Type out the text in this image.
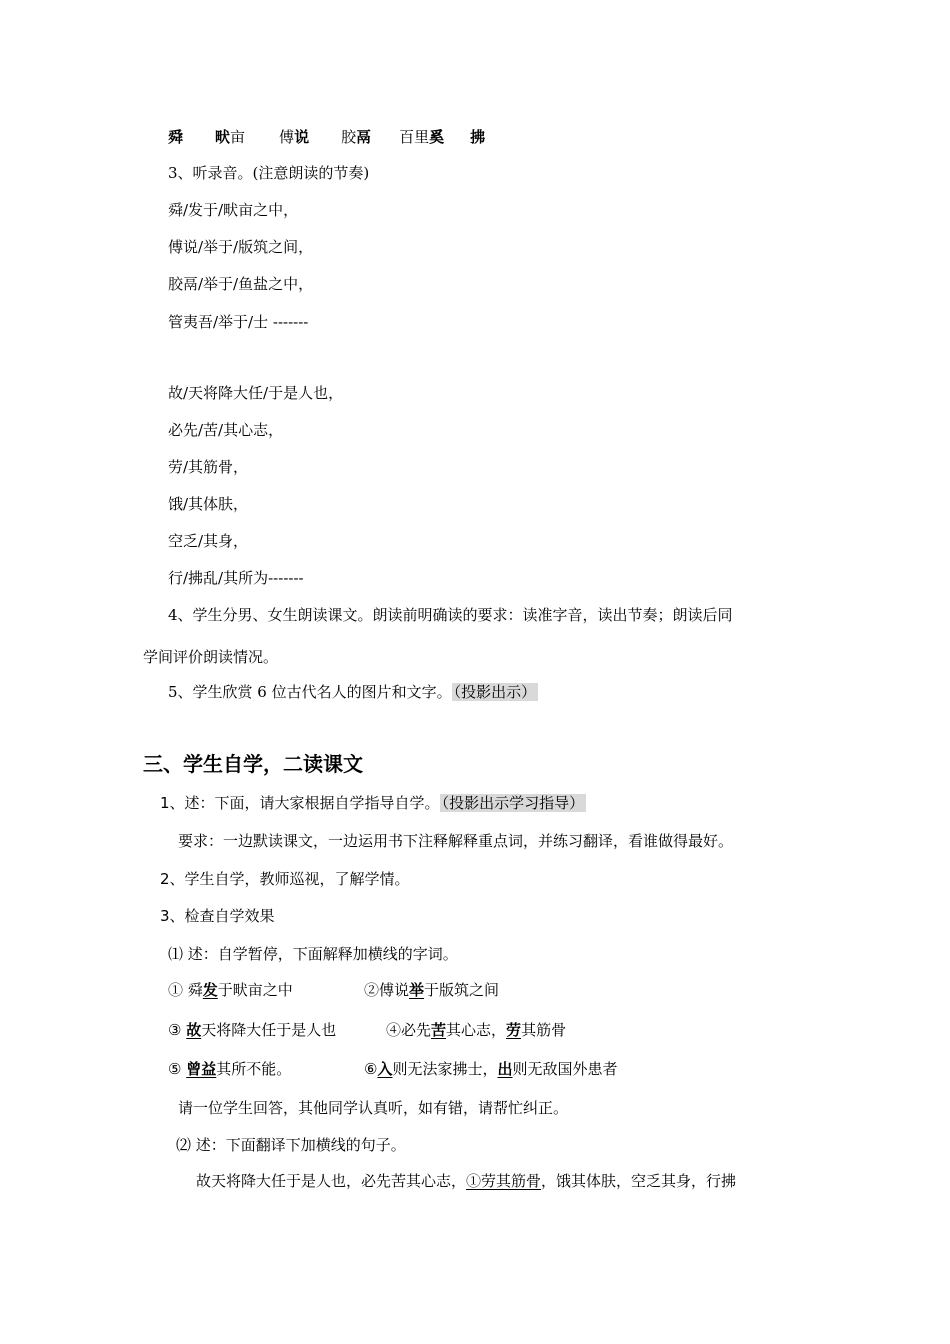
舜 畎亩 傅说 胶鬲 百里奚 拂
3、听录音。(注意朗读的节奏)
舜/发于/畎亩之中，
傅说/举于/版筑之间，
胶鬲/举于/鱼盐之中，
管夷吾/举于/士 -------
故/天将降大任/于是人也，
必先/苦/其心志，
劳/其筋骨，
饿/其体肤，
空乏/其身，
行/拂乱/其所为-------
4、学生分男、女生朗读课文。朗读前明确读的要求：读准字音，读出节奏；朗读后同
学间评价朗读情况。
5、学生欣赏 6 位古代名人的图片和文字。 （投影出示）
三、学生自学，二读课文
1、述：下面，请大家根据自学指导自学。 （投影出示学习指导）
要求：一边默读课文，一边运用书下注释解释重点词，并练习翻译，看谁做得最好。
2、学生自学，教师巡视，了解学情。
3、检查自学效果
⑴ 述：自学暂停，下面解释加横线的字词。
① 舜发于畎亩之中	②傅说举于版筑之间
③ 故天将降大任于是人也	④必先苦其心志，劳其筋骨
⑤ 曾益其所不能。	⑥入则无法家拂士，出则无敌国外患者
请一位学生回答，其他同学认真听，如有错，请帮忙纠正。
⑵ 述：下面翻译下加横线的句子。
故天将降大任于是人也，必先苦其心志，①劳其筋骨，饿其体肤，空乏其身，行拂
